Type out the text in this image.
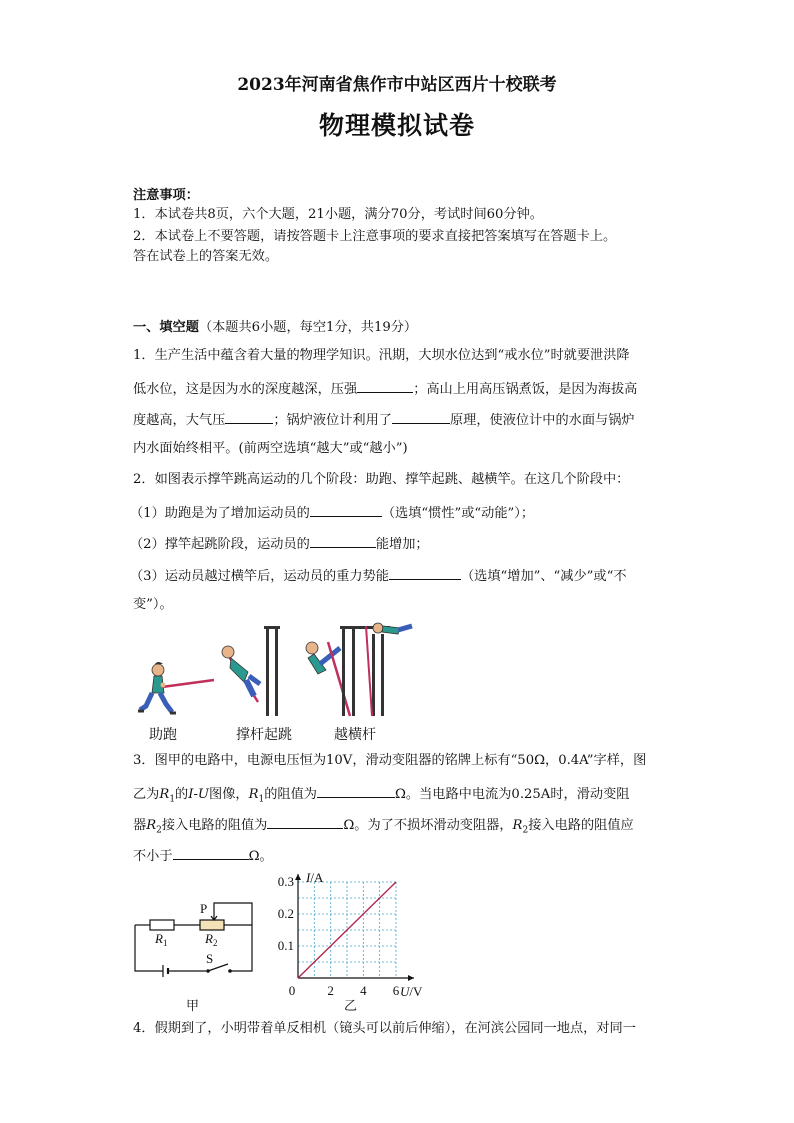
2023年河南省焦作市中站区西片十校联考
物理模拟试卷
注意事项：
1．本试卷共8页，六个大题，21小题，满分70分，考试时间60分钟。
2．本试卷上不要答题，请按答题卡上注意事项的要求直接把答案填写在答题卡上。
答在试卷上的答案无效。
一、填空题（本题共6小题，每空1分，共19分）
1．生产生活中蕴含着大量的物理学知识。汛期，大坝水位达到“戒水位”时就要泄洪降
低水位，这是因为水的深度越深，压强	；高山上用高压锅煮饭，是因为海拔高
度越高，大气压	；锅炉液位计利用了	原理，使液位计中的水面与锅炉
内水面始终相平。(前两空选填“越大”或“越小”)
2．如图表示撑竿跳高运动的几个阶段：助跑、撑竿起跳、越横竿。在这几个阶段中：
（1）助跑是为了增加运动员的	（选填“惯性”或“动能”）；
（2）撑竿起跳阶段，运动员的	能增加；
（3）运动员越过横竿后，运动员的重力势能	（选填“增加”、“减少”或“不
变”）。
助跑	撑杆起跳	越横杆
3．图甲的电路中，电源电压恒为10V，滑动变阻器的铭牌上标有“50Ω，0.4A”字样，图
乙为$R_1$的I-U图像，$R_1$的阻值为	Ω。当电路中电流为0.25A时，滑动变阻
器$R_2$接入电路的阻值为	Ω。为了不损坏滑动变阻器，$R_2$接入电路的阻值应
不小于	Ω。
P
R 1	R 2
S
甲
0.1
0.2
0.3
0 2 4 6
I/A
U/V
乙
4．假期到了，小明带着单反相机（镜头可以前后伸缩），在河滨公园同一地点，对同一
